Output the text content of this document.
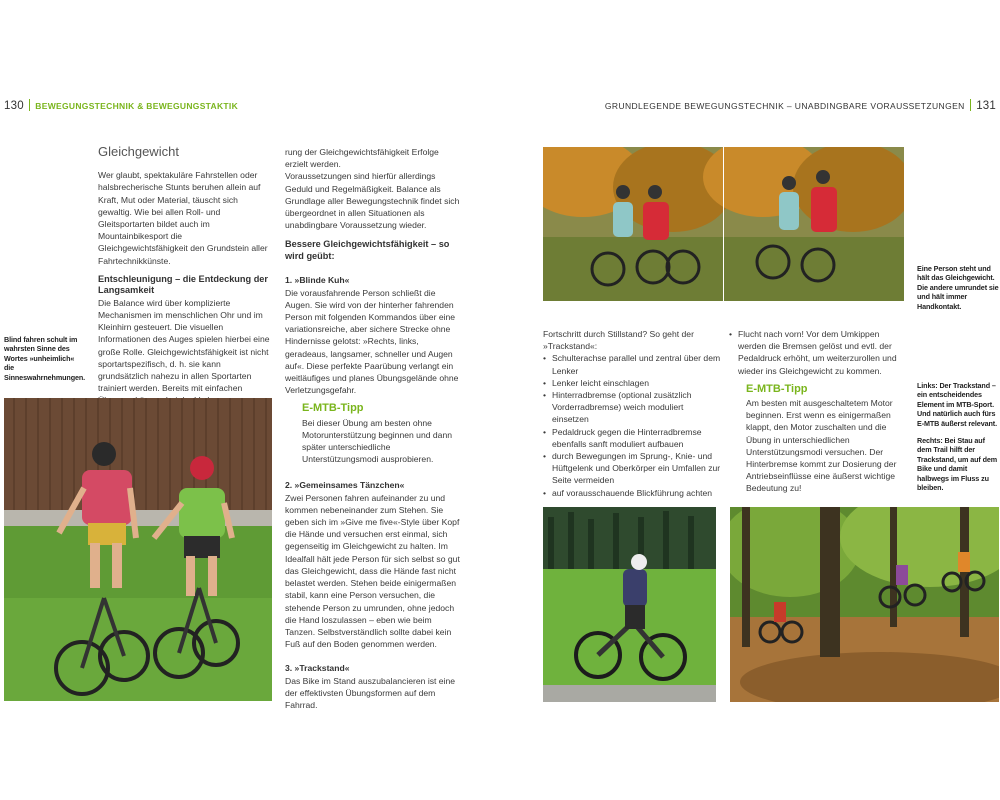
130 BEWEGUNGSTECHNIK & BEWEGUNGSTAKTIK	GRUNDLEGENDE BEWEGUNGSTECHNIK – UNABDINGBARE VORAUSSETZUNGEN 131
Gleichgewicht

Wer glaubt, spektakuläre Fahrstellen oder halsbrecherische Stunts beruhen allein auf Kraft, Mut oder Material, täuscht sich gewaltig. Wie bei allen Roll- und Gleitsportarten bildet auch im Mountainbikesport die Gleichgewichtsfähigkeit den Grundstein aller Fahrtechnikkünste.

Entschleunigung – die Entdeckung der Langsamkeit

Die Balance wird über komplizierte Mechanismen im menschlichen Ohr und im Kleinhirn gesteuert. Die visuellen Informationen des Auges spielen hierbei eine große Rolle. Gleichgewichtsfähigkeit ist nicht sportartspezifisch, d. h. sie kann grundsätzlich nahezu in allen Sportarten trainiert werden. Bereits mit einfachen

Blind fahren schult im wahrsten Sinne des Wortes »unheimlich« die Sinneswahrnehmungen.

rung der Gleichgewichtsfähigkeit Erfolge erzielt werden.

Voraussetzungen sind hierfür allerdings Geduld und Regelmäßigkeit. Balance als Grundlage aller Bewegungstechnik findet sich übergeordnet in allen Situationen als unabdingbare Voraussetzung wieder.

Bessere Gleichgewichtsfähigkeit – so wird geübt:

1. »Blinde Kuh«

Die vorausfahrende Person schließt die Augen. Sie wird von der hinterher fahrenden Person mit folgenden Kommandos über eine variationsreiche, aber sichere Strecke ohne Hindernisse gelotst: »Rechts, links, geradeaus, langsamer, schneller und Augen auf«. Diese perfekte Paarübung verlangt ein weitläufiges und planes Übungsgelände ohne Verletzungsgefahr.

E-MTB-Tipp

Bei dieser Übung am besten ohne Motorunterstützung beginnen und dann später unterschiedliche Unterstützungsmodi ausprobieren.

2. »Gemeinsames Tänzchen«

Zwei Personen fahren aufeinander zu und kommen nebeneinander zum Stehen. Sie geben sich im »Give me five«-Style über Kopf die Hände und versuchen erst einmal, sich gegenseitig im Gleichgewicht zu halten. Im Idealfall hält jede Person für sich selbst so gut das Gleichgewicht, dass die Hände fast nicht belastet werden. Stehen beide einigermaßen stabil, kann eine Person versuchen, die stehende Person zu umrunden, ohne jedoch die Hand loszulassen – eben wie beim Tanzen. Selbstverständlich sollte dabei kein Fuß auf den Boden genommen werden.

3. »Trackstand«

Das Bike im Stand auszubalancieren ist eine der effektivsten Übungsformen auf dem Fahrrad.

Eine Person steht und hält das Gleichgewicht. Die andere umrundet sie und hält immer Handkontakt.

Fortschritt durch Stillstand? So geht der »Trackstand«:

• Schulterachse parallel und zentral über dem Lenker
• Lenker leicht einschlagen
• Hinterradbremse (optional zusätzlich Vorderradbremse) weich moduliert einsetzen
• Pedaldruck gegen die Hinterradbremse ebenfalls sanft moduliert aufbauen
• durch Bewegungen im Sprung-, Knie- und Hüftgelenk und Oberkörper ein Umfallen zur Seite vermeiden
• auf vorausschauende Blickführung achten
• Flucht nach vorn! Vor dem Umkippen werden die Bremsen gelöst und evtl. der Pedaldruck erhöht, um weiterzurollen und wieder ins Gleichgewicht zu kommen.
E-MTB-Tipp

Am besten mit ausgeschaltetem Motor beginnen. Erst wenn es einigermaßen klappt, den Motor zuschalten und die Übung in unterschiedlichen Unterstützungsmodi versuchen. Der Hinterbremse kommt zur Dosierung der Antriebseinflüsse eine äußerst wichtige Bedeutung zu!

Links: Der Trackstand – ein entscheidendes Element im MTB-Sport. Und natürlich auch fürs E-MTB äußerst relevant.
Rechts: Bei Stau auf dem Trail hilft der Trackstand, um auf dem Bike und damit halbwegs im Fluss zu bleiben.
